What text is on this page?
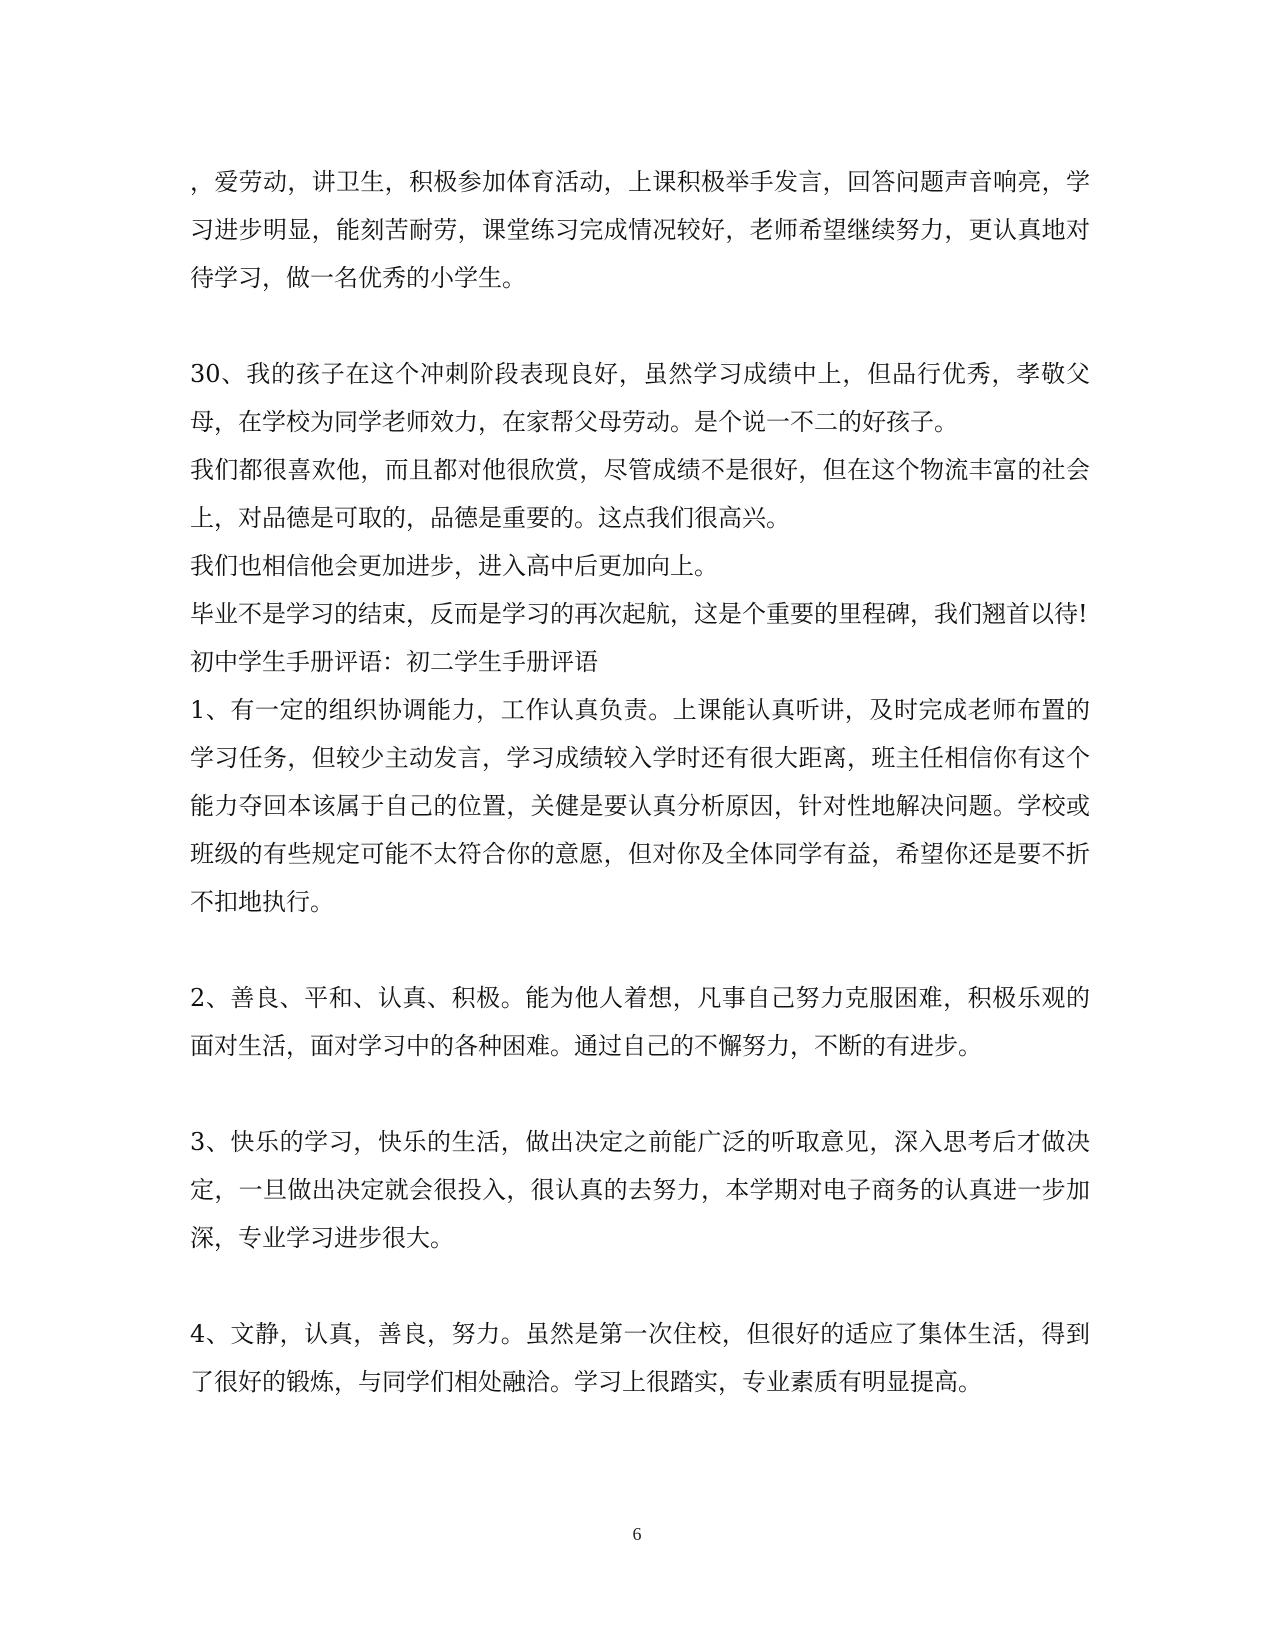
，爱劳动，讲卫生，积极参加体育活动，上课积极举手发言，回答问题声音响亮，学习进步明显，能刻苦耐劳，课堂练习完成情况较好，老师希望继续努力，更认真地对待学习，做一名优秀的小学生。

30、我的孩子在这个冲刺阶段表现良好，虽然学习成绩中上，但品行优秀，孝敬父母，在学校为同学老师效力，在家帮父母劳动。是个说一不二的好孩子。

我们都很喜欢他，而且都对他很欣赏，尽管成绩不是很好，但在这个物流丰富的社会上，对品德是可取的，品德是重要的。这点我们很高兴。

我们也相信他会更加进步，进入高中后更加向上。

毕业不是学习的结束，反而是学习的再次起航，这是个重要的里程碑，我们翘首以待!

初中学生手册评语：初二学生手册评语

1、有一定的组织协调能力，工作认真负责。上课能认真听讲，及时完成老师布置的学习任务，但较少主动发言，学习成绩较入学时还有很大距离，班主任相信你有这个能力夺回本该属于自己的位置，关健是要认真分析原因，针对性地解决问题。学校或班级的有些规定可能不太符合你的意愿，但对你及全体同学有益，希望你还是要不折不扣地执行。

2、善良、平和、认真、积极。能为他人着想，凡事自己努力克服困难，积极乐观的面对生活，面对学习中的各种困难。通过自己的不懈努力，不断的有进步。

3、快乐的学习，快乐的生活，做出决定之前能广泛的听取意见，深入思考后才做决定，一旦做出决定就会很投入，很认真的去努力，本学期对电子商务的认真进一步加深，专业学习进步很大。

4、文静，认真，善良，努力。虽然是第一次住校，但很好的适应了集体生活，得到了很好的锻炼，与同学们相处融洽。学习上很踏实，专业素质有明显提高。

6
